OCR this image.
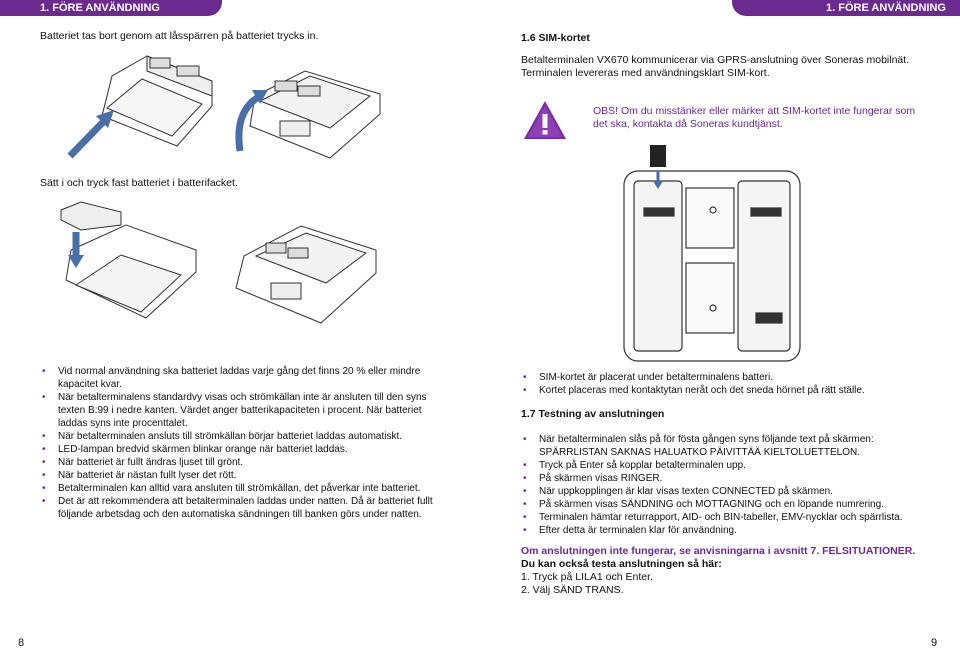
1. FÖRE ANVÄNDNING	1. FÖRE ANVÄNDNING

Batteriet tas bort genom att låsspärren på batteriet trycks in.

Sätt i och tryck fast batteriet i batterifacket.

• Vid normal användning ska batteriet laddas varje gång det finns 20 % eller mindre kapacitet kvar.
• När betalterminalens standardvy visas och strömkällan inte är ansluten till den syns texten B:99 i nedre kanten. Värdet anger batterikapaciteten i procent. När batteriet laddas syns inte procenttalet.
• När betalterminalen ansluts till strömkällan börjar batteriet laddas automatiskt.
• LED-lampan bredvid skärmen blinkar orange när batteriet laddas.
• När batteriet är fullt ändras ljuset till grönt.
• När batteriet är nästan fullt lyser det rött.
• Betalterminalen kan alltid vara ansluten till strömkällan, det påverkar inte batteriet.
• Det är att rekommendera att betalterminalen laddas under natten. Då är batteriet fullt följande arbetsdag och den automatiska sändningen till banken görs under natten.
8

1.6 SIM-kortet

Betalterminalen VX670 kommunicerar via GPRS-anslutning över Soneras mobilnät. Terminalen levereras med användningsklart SIM-kort.

OBS! Om du misstänker eller märker att SIM-kortet inte fungerar som det ska, kontakta då Soneras kundtjänst.

• SIM-kortet är placerat under betalterminalens batteri.
• Kortet placeras med kontaktytan neråt och det sneda hörnet på rätt ställe.

1.7 Testning av anslutningen

• När betalterminalen slås på för fösta gången syns följande text på skärmen: SPÄRRLISTAN SAKNAS HALUATKO PÄIVITTÄÄ KIELTOLUETTELON.
• Tryck på Enter så kopplar betalterminalen upp.
• På skärmen visas RINGER.
• När uppkopplingen är klar visas texten CONNECTED på skärmen.
• På skärmen visas SÄNDNING och MOTTAGNING och en löpande numrering.
• Terminalen hämtar returrapport, AID- och BIN-tabeller, EMV-nycklar och spärrlista.
• Efter detta är terminalen klar för användning.

Om anslutningen inte fungerar, se anvisningarna i avsnitt 7. FELSITUATIONER.

Du kan också testa anslutningen så här:

1. Tryck på LILA1 och Enter.

2. Välj SÄND TRANS.

9
